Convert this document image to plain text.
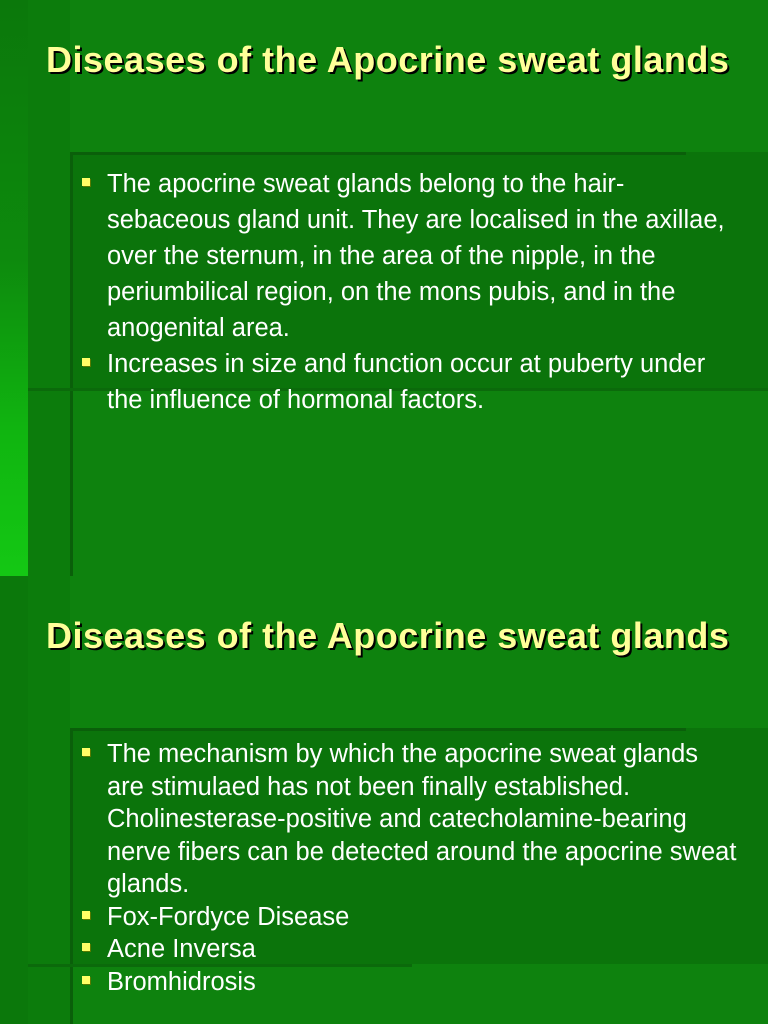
Diseases of the Apocrine sweat glands
The apocrine sweat glands belong to the hair-sebaceous gland unit. They are localised in the axillae, over the sternum, in the area of the nipple, in the periumbilical region, on the mons pubis, and in the anogenital area.
Increases in size and function occur at puberty under the influence of hormonal factors.
Diseases of the Apocrine sweat glands
The mechanism by which the apocrine sweat glands are stimulaed has not been finally established. Cholinesterase-positive and catecholamine-bearing nerve fibers can be detected around the apocrine sweat glands.
Fox-Fordyce Disease
Acne Inversa
Bromhidrosis
